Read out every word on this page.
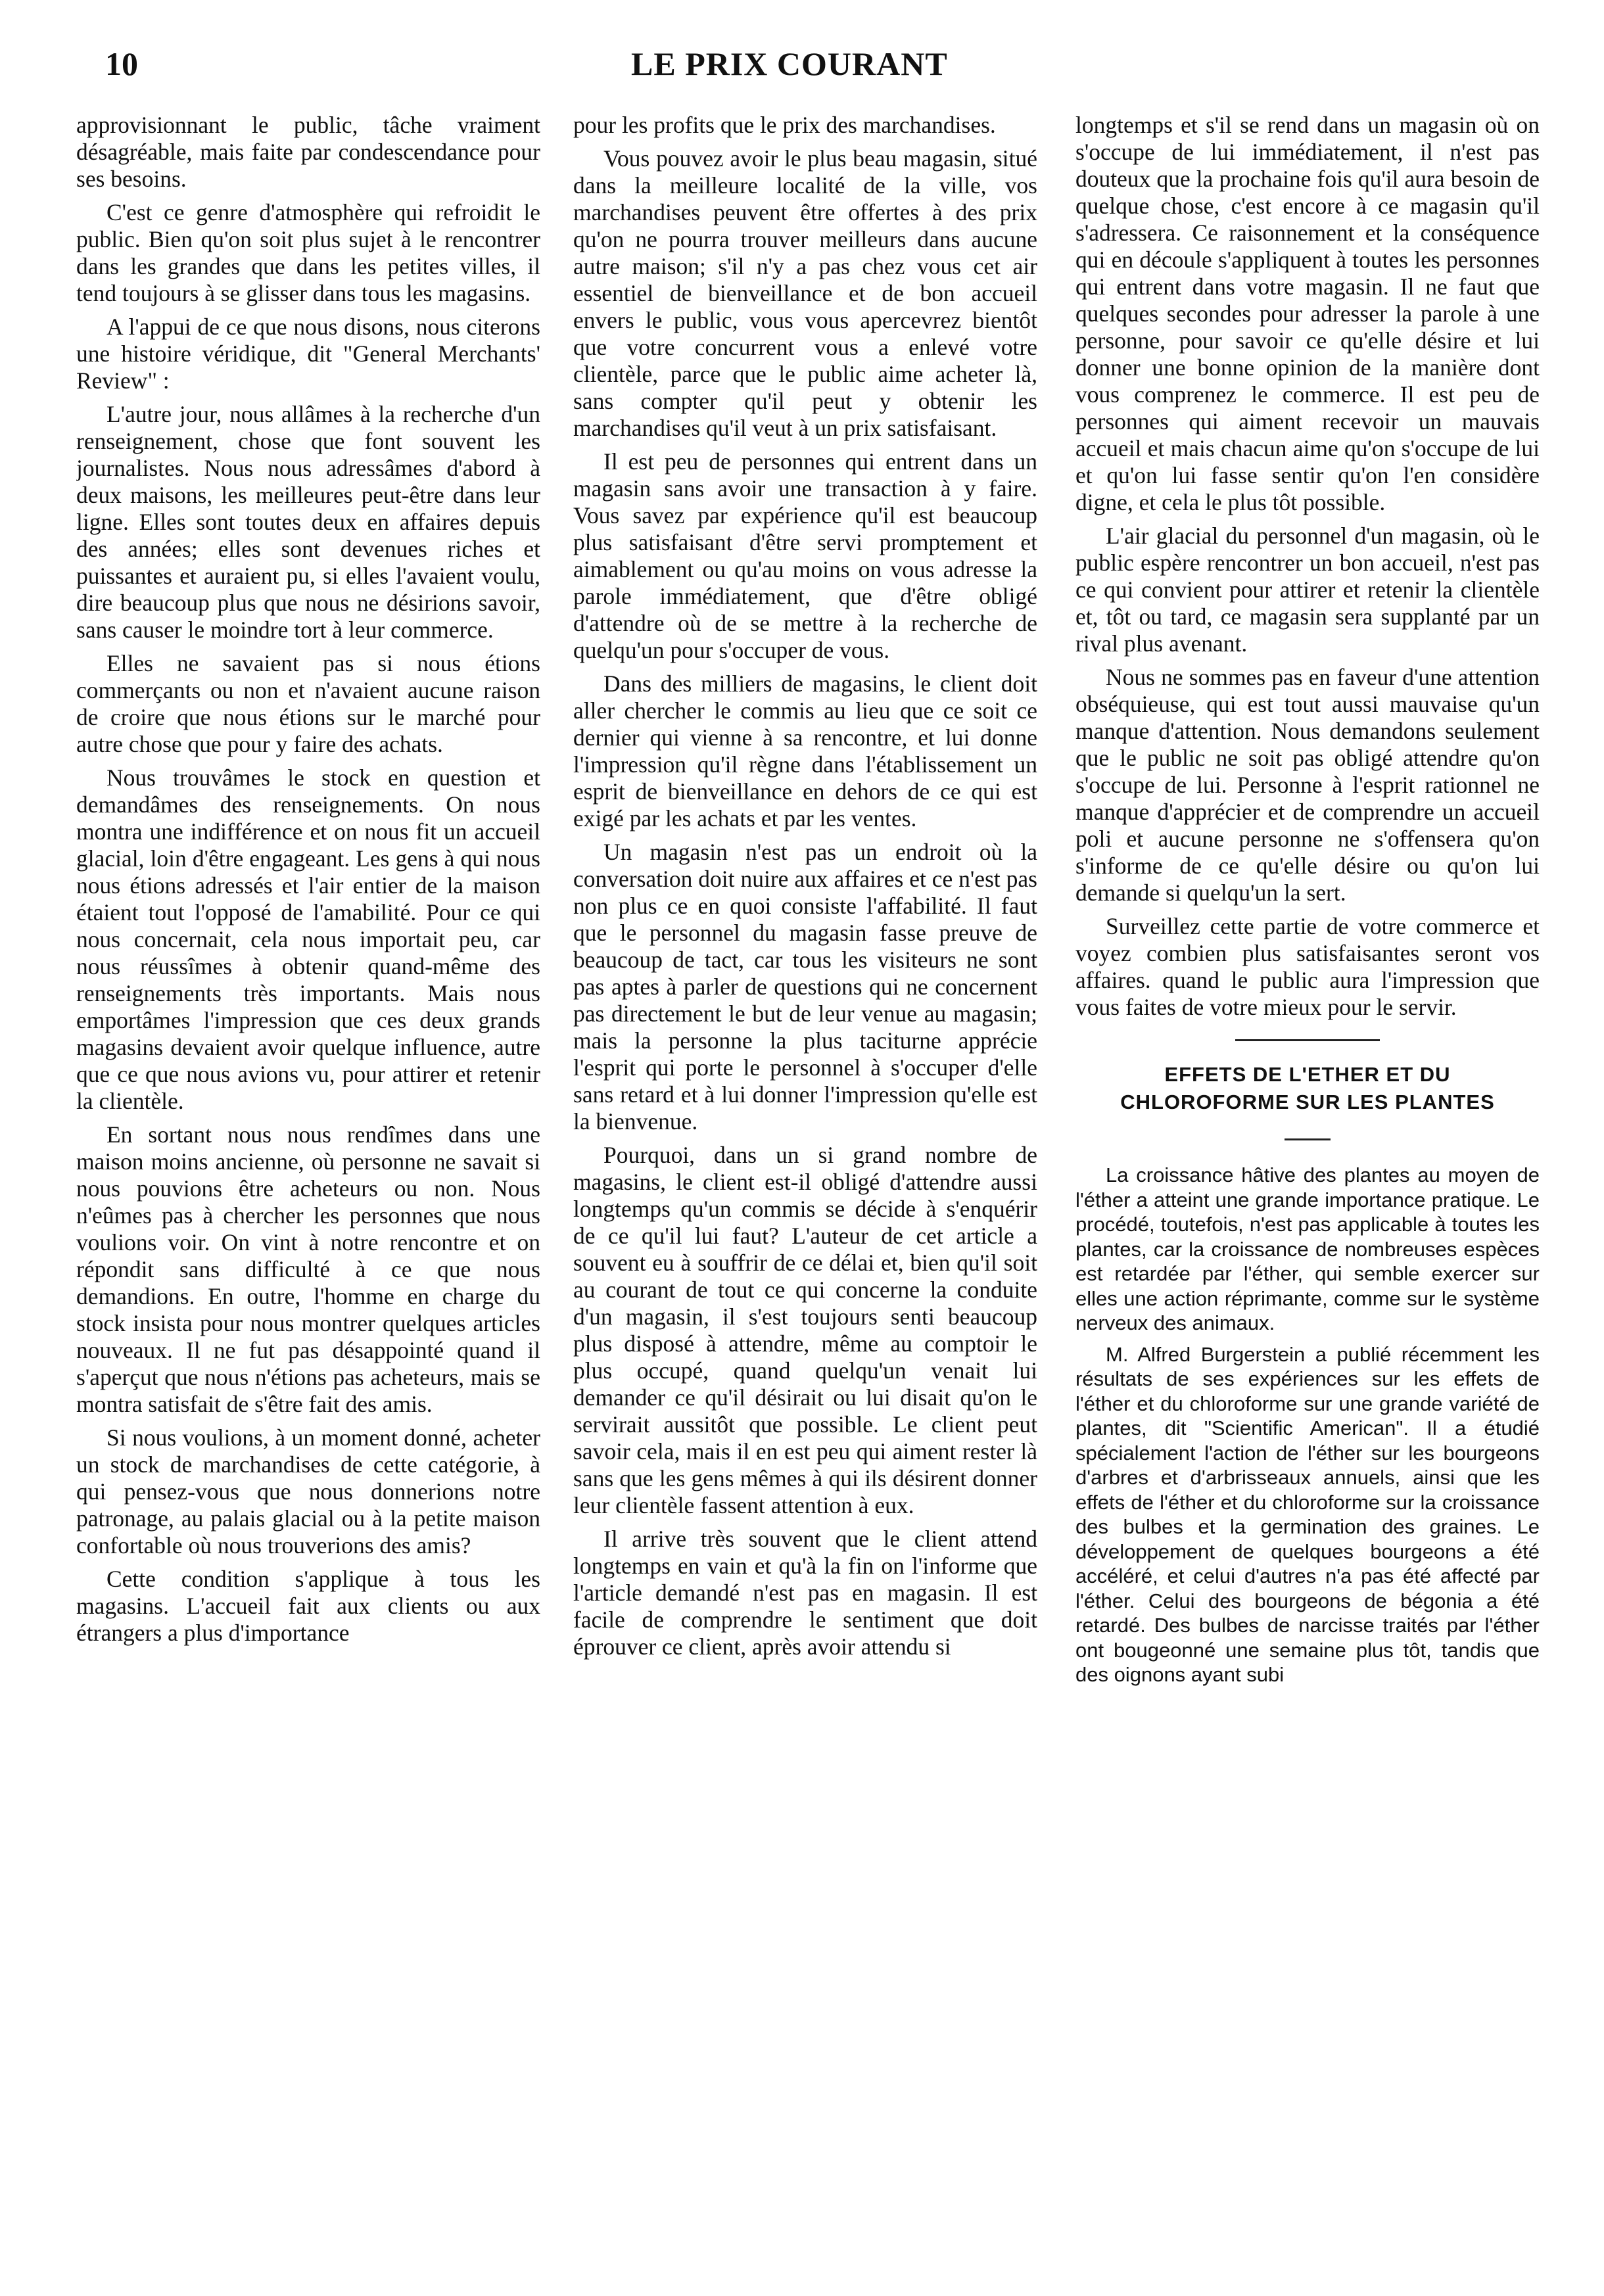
10	LE PRIX COURANT

approvisionnant le public, tâche vraiment désagréable, mais faite par condescendance pour ses besoins.

C'est ce genre d'atmosphère qui refroidit le public. Bien qu'on soit plus sujet à le rencontrer dans les grandes que dans les petites villes, il tend toujours à se glisser dans tous les magasins.

A l'appui de ce que nous disons, nous citerons une histoire véridique, dit "General Merchants' Review" :

L'autre jour, nous allâmes à la recherche d'un renseignement, chose que font souvent les journalistes. Nous nous adressâmes d'abord à deux maisons, les meilleures peut-être dans leur ligne. Elles sont toutes deux en affaires depuis des années; elles sont devenues riches et puissantes et auraient pu, si elles l'avaient voulu, dire beaucoup plus que nous ne désirions savoir, sans causer le moindre tort à leur commerce.

Elles ne savaient pas si nous étions commerçants ou non et n'avaient aucune raison de croire que nous étions sur le marché pour autre chose que pour y faire des achats.

Nous trouvâmes le stock en question et demandâmes des renseignements. On nous montra une indifférence et on nous fit un accueil glacial, loin d'être engageant. Les gens à qui nous nous étions adressés et l'air entier de la maison étaient tout l'opposé de l'amabilité. Pour ce qui nous concernait, cela nous importait peu, car nous réussîmes à obtenir quand-même des renseignements très importants. Mais nous emportâmes l'impression que ces deux grands magasins devaient avoir quelque influence, autre que ce que nous avions vu, pour attirer et retenir la clientèle.

En sortant nous nous rendîmes dans une maison moins ancienne, où personne ne savait si nous pouvions être acheteurs ou non. Nous n'eûmes pas à chercher les personnes que nous voulions voir. On vint à notre rencontre et on répondit sans difficulté à ce que nous demandions. En outre, l'homme en charge du stock insista pour nous montrer quelques articles nouveaux. Il ne fut pas désappointé quand il s'aperçut que nous n'étions pas acheteurs, mais se montra satisfait de s'être fait des amis.

Si nous voulions, à un moment donné, acheter un stock de marchandises de cette catégorie, à qui pensez-vous que nous donnerions notre patronage, au palais glacial ou à la petite maison confortable où nous trouverions des amis?

Cette condition s'applique à tous les magasins. L'accueil fait aux clients ou aux étrangers a plus d'importance

pour les profits que le prix des marchandises.

Vous pouvez avoir le plus beau magasin, situé dans la meilleure localité de la ville, vos marchandises peuvent être offertes à des prix qu'on ne pourra trouver meilleurs dans aucune autre maison; s'il n'y a pas chez vous cet air essentiel de bienveillance et de bon accueil envers le public, vous vous apercevrez bientôt que votre concurrent vous a enlevé votre clientèle, parce que le public aime acheter là, sans compter qu'il peut y obtenir les marchandises qu'il veut à un prix satisfaisant.

Il est peu de personnes qui entrent dans un magasin sans avoir une transaction à y faire. Vous savez par expérience qu'il est beaucoup plus satisfaisant d'être servi promptement et aimablement ou qu'au moins on vous adresse la parole immédiatement, que d'être obligé d'attendre où de se mettre à la recherche de quelqu'un pour s'occuper de vous.

Dans des milliers de magasins, le client doit aller chercher le commis au lieu que ce soit ce dernier qui vienne à sa rencontre, et lui donne l'impression qu'il règne dans l'établissement un esprit de bienveillance en dehors de ce qui est exigé par les achats et par les ventes.

Un magasin n'est pas un endroit où la conversation doit nuire aux affaires et ce n'est pas non plus ce en quoi consiste l'affabilité. Il faut que le personnel du magasin fasse preuve de beaucoup de tact, car tous les visiteurs ne sont pas aptes à parler de questions qui ne concernent pas directement le but de leur venue au magasin; mais la personne la plus taciturne apprécie l'esprit qui porte le personnel à s'occuper d'elle sans retard et à lui donner l'impression qu'elle est la bienvenue.

Pourquoi, dans un si grand nombre de magasins, le client est-il obligé d'attendre aussi longtemps qu'un commis se décide à s'enquérir de ce qu'il lui faut? L'auteur de cet article a souvent eu à souffrir de ce délai et, bien qu'il soit au courant de tout ce qui concerne la conduite d'un magasin, il s'est toujours senti beaucoup plus disposé à attendre, même au comptoir le plus occupé, quand quelqu'un venait lui demander ce qu'il désirait ou lui disait qu'on le servirait aussitôt que possible. Le client peut savoir cela, mais il en est peu qui aiment rester là sans que les gens mêmes à qui ils désirent donner leur clientèle fassent attention à eux.

Il arrive très souvent que le client attend longtemps en vain et qu'à la fin on l'informe que l'article demandé n'est pas en magasin. Il est facile de comprendre le sentiment que doit éprouver ce client, après avoir attendu si

longtemps et s'il se rend dans un magasin où on s'occupe de lui immédiatement, il n'est pas douteux que la prochaine fois qu'il aura besoin de quelque chose, c'est encore à ce magasin qu'il s'adressera. Ce raisonnement et la conséquence qui en découle s'appliquent à toutes les personnes qui entrent dans votre magasin. Il ne faut que quelques secondes pour adresser la parole à une personne, pour savoir ce qu'elle désire et lui donner une bonne opinion de la manière dont vous comprenez le commerce. Il est peu de personnes qui aiment recevoir un mauvais accueil et mais chacun aime qu'on s'occupe de lui et qu'on lui fasse sentir qu'on l'en considère digne, et cela le plus tôt possible.

L'air glacial du personnel d'un magasin, où le public espère rencontrer un bon accueil, n'est pas ce qui convient pour attirer et retenir la clientèle et, tôt ou tard, ce magasin sera supplanté par un rival plus avenant.

Nous ne sommes pas en faveur d'une attention obséquieuse, qui est tout aussi mauvaise qu'un manque d'attention. Nous demandons seulement que le public ne soit pas obligé attendre qu'on s'occupe de lui. Personne à l'esprit rationnel ne manque d'apprécier et de comprendre un accueil poli et aucune personne ne s'offensera qu'on s'informe de ce qu'elle désire ou qu'on lui demande si quelqu'un la sert.

Surveillez cette partie de votre commerce et voyez combien plus satisfaisantes seront vos affaires. quand le public aura l'impression que vous faites de votre mieux pour le servir.

EFFETS DE L'ETHER ET DU CHLOROFORME SUR LES PLANTES

La croissance hâtive des plantes au moyen de l'éther a atteint une grande importance pratique. Le procédé, toutefois, n'est pas applicable à toutes les plantes, car la croissance de nombreuses espèces est retardée par l'éther, qui semble exercer sur elles une action réprimante, comme sur le système nerveux des animaux.

M. Alfred Burgerstein a publié récemment les résultats de ses expériences sur les effets de l'éther et du chloroforme sur une grande variété de plantes, dit "Scientific American". Il a étudié spécialement l'action de l'éther sur les bourgeons d'arbres et d'arbrisseaux annuels, ainsi que les effets de l'éther et du chloroforme sur la croissance des bulbes et la germination des graines. Le développement de quelques bourgeons a été accéléré, et celui d'autres n'a pas été affecté par l'éther. Celui des bourgeons de bégonia a été retardé. Des bulbes de narcisse traités par l'éther ont bougeonné une semaine plus tôt, tandis que des oignons ayant subi
